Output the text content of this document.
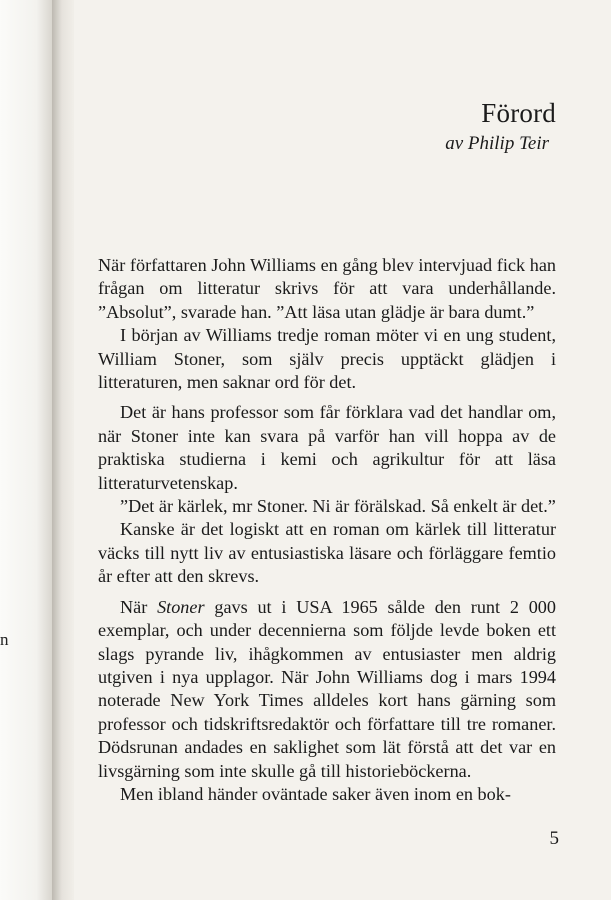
n
Förord
av Philip Teir

När författaren John Williams en gång blev intervjuad fick han frågan om litteratur skrivs för att vara underhållande. ”Absolut”, svarade han. ”Att läsa utan glädje är bara dumt.”

I början av Williams tredje roman möter vi en ung student, William Stoner, som själv precis upptäckt glädjen i litteraturen, men saknar ord för det.

Det är hans professor som får förklara vad det handlar om, när Stoner inte kan svara på varför han vill hoppa av de praktiska studierna i kemi och agrikultur för att läsa litteraturvetenskap.

”Det är kärlek, mr Stoner. Ni är förälskad. Så enkelt är det.”

Kanske är det logiskt att en roman om kärlek till litteratur väcks till nytt liv av entusiastiska läsare och förläggare femtio år efter att den skrevs.

När Stoner gavs ut i USA 1965 sålde den runt 2 000 exemplar, och under decennierna som följde levde boken ett slags pyrande liv, ihågkommen av entusiaster men aldrig utgiven i nya upplagor. När John Williams dog i mars 1994 noterade New York Times alldeles kort hans gärning som professor och tidskriftsredaktör och författare till tre romaner. Dödsrunan andades en saklighet som lät förstå att det var en livsgärning som inte skulle gå till historieböckerna.

Men ibland händer oväntade saker även inom en bok-

5
